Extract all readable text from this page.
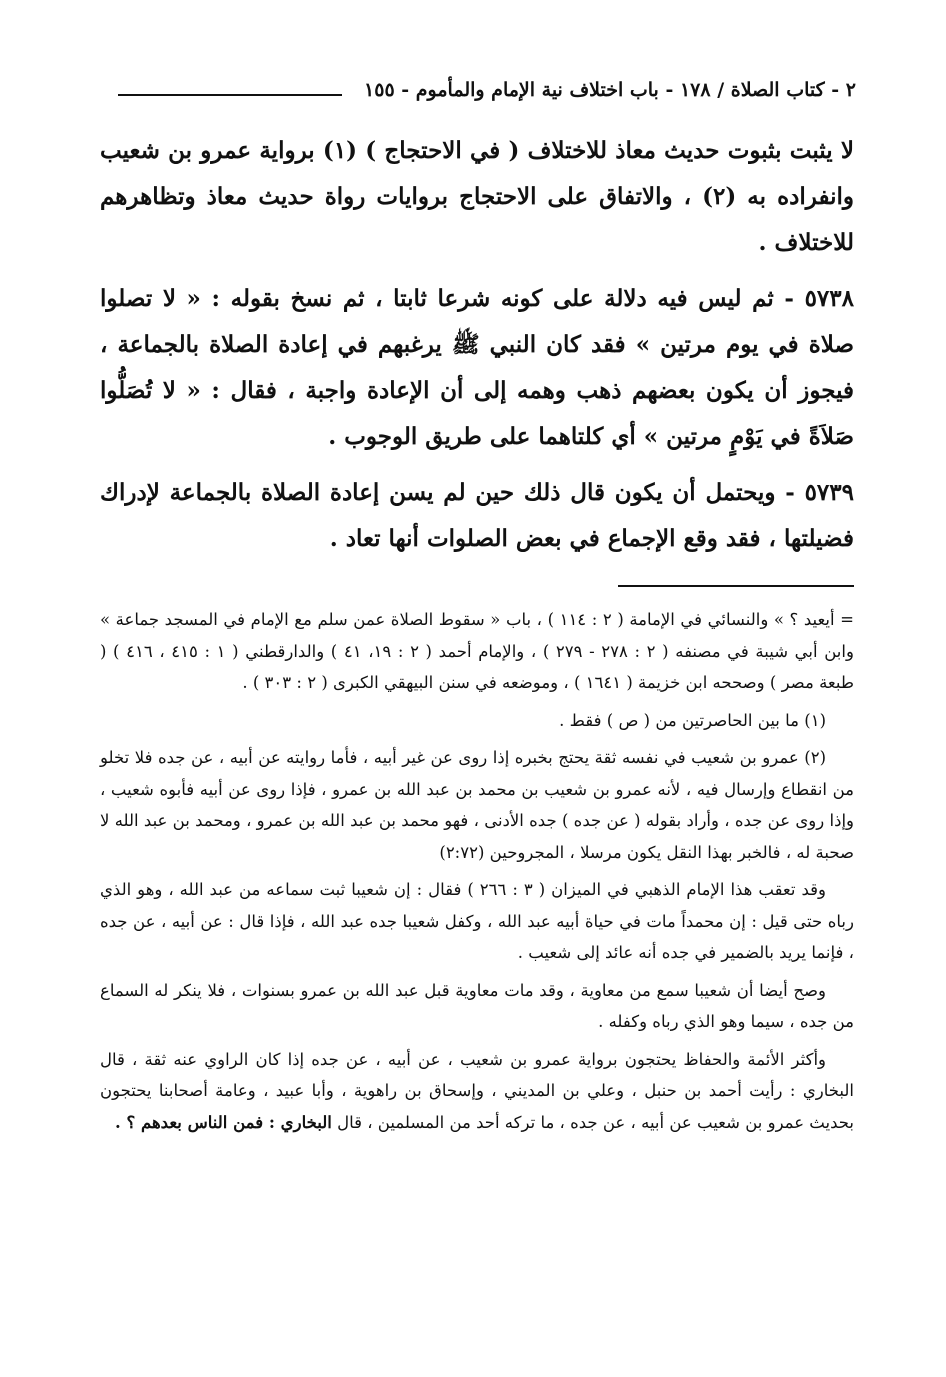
٢ - كتاب الصلاة / ١٧٨ - باب اختلاف نية الإمام والمأموم - ١٥٥

لا يثبت بثبوت حديث معاذ للاختلاف ( في الاحتجاج ) (١) برواية عمرو بن شعيب وانفراده به (٢) ، والاتفاق على الاحتجاج بروايات رواة حديث معاذ وتظاهرهم للاختلاف .

٥٧٣٨ - ثم ليس فيه دلالة على كونه شرعا ثابتا ، ثم نسخ بقوله : « لا تصلوا صلاة في يوم مرتين » فقد كان النبي ﷺ يرغبهم في إعادة الصلاة بالجماعة ، فيجوز أن يكون بعضهم ذهب وهمه إلى أن الإعادة واجبة ، فقال : « لا تُصَلُّوا صَلاَةً في يَوْمٍ مرتين » أي كلتاهما على طريق الوجوب .

٥٧٣٩ - ويحتمل أن يكون قال ذلك حين لم يسن إعادة الصلاة بالجماعة لإدراك فضيلتها ، فقد وقع الإجماع في بعض الصلوات أنها تعاد .

= أيعيد ؟ » والنسائي في الإمامة ( ٢ : ١١٤ ) ، باب « سقوط الصلاة عمن سلم مع الإمام في المسجد جماعة » وابن أبي شيبة في مصنفه ( ٢ : ٢٧٨ - ٢٧٩ ) ، والإمام أحمد ( ٢ : ١٩، ٤١ ) والدارقطني ( ١ : ٤١٥ ، ٤١٦ ) ( طبعة مصر ) وصححه ابن خزيمة ( ١٦٤١ ) ، وموضعه في سنن البيهقي الكبرى ( ٢ : ٣٠٣ ) .

(١) ما بين الحاصرتين من ( ص ) فقط .

(٢) عمرو بن شعيب في نفسه ثقة يحتج بخبره إذا روى عن غير أبيه ، فأما روايته عن أبيه ، عن جده فلا تخلو من انقطاع وإرسال فيه ، لأنه عمرو بن شعيب بن محمد بن عبد الله بن عمرو ، فإذا روى عن أبيه فأبوه شعيب ، وإذا روى عن جده ، وأراد بقوله ( عن جده ) جده الأدنى ، فهو محمد بن عبد الله بن عمرو ، ومحمد بن عبد الله لا صحبة له ، فالخبر بهذا النقل يكون مرسلا ، المجروحين (٢:٧٢)

وقد تعقب هذا الإمام الذهبي في الميزان ( ٣ : ٢٦٦ ) فقال : إن شعيبا ثبت سماعه من عبد الله ، وهو الذي رباه حتى قيل : إن محمداً مات في حياة أبيه عبد الله ، وكفل شعيبا جده عبد الله ، فإذا قال : عن أبيه ، عن جده ، فإنما يريد بالضمير في جده أنه عائد إلى شعيب .

وصح أيضا أن شعيبا سمع من معاوية ، وقد مات معاوية قبل عبد الله بن عمرو بسنوات ، فلا ينكر له السماع من جده ، سيما وهو الذي رباه وكفله .

وأكثر الأئمة والحفاظ يحتجون برواية عمرو بن شعيب ، عن أبيه ، عن جده إذا كان الراوي عنه ثقة ، قال البخاري : رأيت أحمد بن حنبل ، وعلي بن المديني ، وإسحاق بن راهوية ، وأبا عبيد ، وعامة أصحابنا يحتجون بحديث عمرو بن شعيب عن أبيه ، عن جده ، ما تركه أحد من المسلمين ، قال البخاري : فمن الناس بعدهم ؟ .
